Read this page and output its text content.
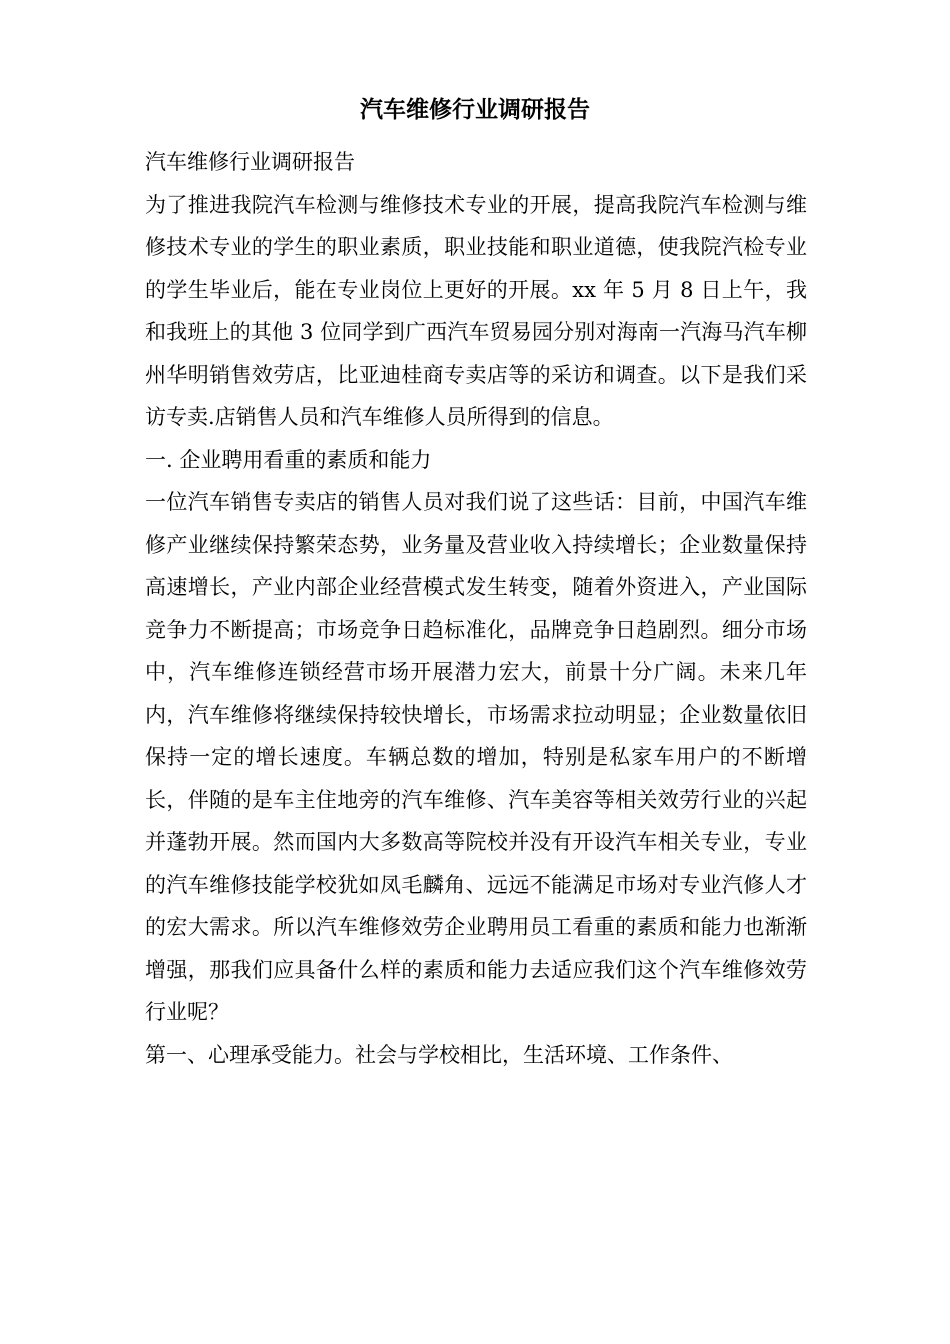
汽车维修行业调研报告

汽车维修行业调研报告

为了推进我院汽车检测与维修技术专业的开展，提高我院汽车检测与维修技术专业的学生的职业素质，职业技能和职业道德，使我院汽检专业的学生毕业后，能在专业岗位上更好的开展。xx 年 5 月 8 日上午，我和我班上的其他 3 位同学到广西汽车贸易园分别对海南一汽海马汽车柳州华明销售效劳店，比亚迪桂商专卖店等的采访和调查。以下是我们采访专卖.店销售人员和汽车维修人员所得到的信息。

一. 企业聘用看重的素质和能力

一位汽车销售专卖店的销售人员对我们说了这些话：目前，中国汽车维修产业继续保持繁荣态势，业务量及营业收入持续增长；企业数量保持高速增长，产业内部企业经营模式发生转变，随着外资进入，产业国际竞争力不断提高；市场竞争日趋标准化，品牌竞争日趋剧烈。细分市场中，汽车维修连锁经营市场开展潜力宏大，前景十分广阔。未来几年内，汽车维修将继续保持较快增长，市场需求拉动明显；企业数量依旧保持一定的增长速度。车辆总数的增加，特别是私家车用户的不断增长，伴随的是车主住地旁的汽车维修、汽车美容等相关效劳行业的兴起并蓬勃开展。然而国内大多数高等院校并没有开设汽车相关专业，专业的汽车维修技能学校犹如凤毛麟角、远远不能满足市场对专业汽修人才的宏大需求。所以汽车维修效劳企业聘用员工看重的素质和能力也渐渐增强，那我们应具备什么样的素质和能力去适应我们这个汽车维修效劳行业呢？

第一、心理承受能力。社会与学校相比，生活环境、工作条件、
